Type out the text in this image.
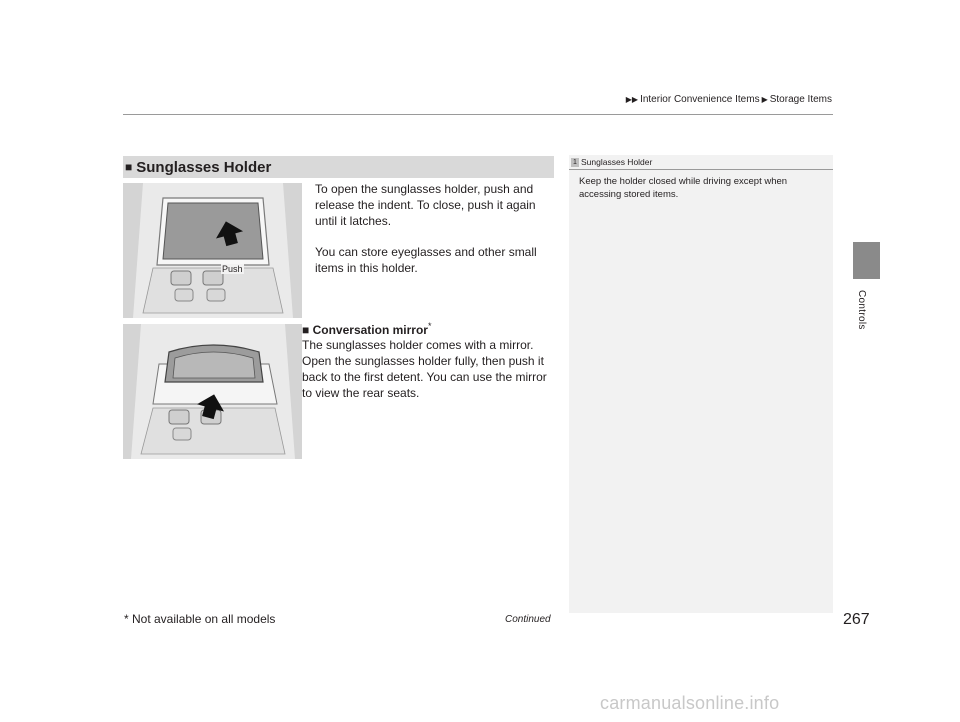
▶▶ Interior Convenience Items ▶ Storage Items
Controls
■ Sunglasses Holder
Push
To open the sunglasses holder, push and release the indent. To close, push it again until it latches.
You can store eyeglasses and other small items in this holder.
■ Conversation mirror*
The sunglasses holder comes with a mirror. Open the sunglasses holder fully, then push it back to the first detent. You can use the mirror to view the rear seats.
1 Sunglasses Holder
Keep the holder closed while driving except when accessing stored items.
* Not available on all models	Continued	267
carmanualsonline.info
